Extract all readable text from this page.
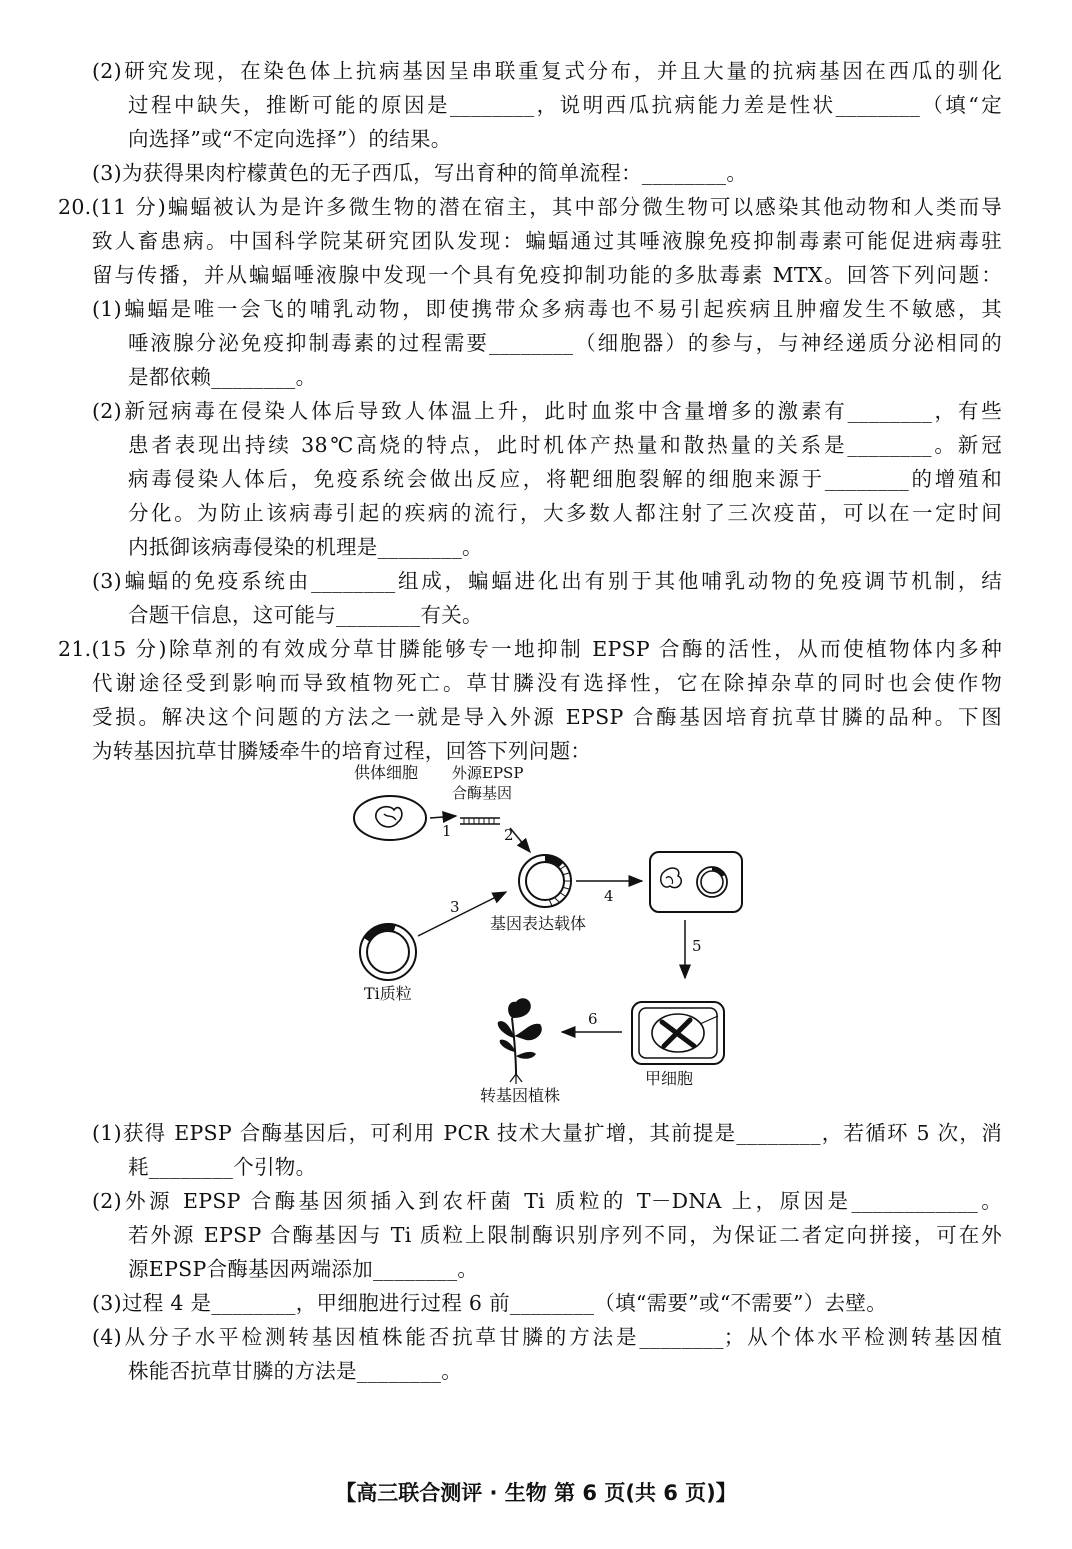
(2)研究发现，在染色体上抗病基因呈串联重复式分布，并且大量的抗病基因在西瓜的驯化
过程中缺失，推断可能的原因是________，说明西瓜抗病能力差是性状________（填“定
向选择”或“不定向选择”）的结果。
(3)为获得果肉柠檬黄色的无子西瓜，写出育种的简单流程：________。
20.(11 分)蝙蝠被认为是许多微生物的潜在宿主，其中部分微生物可以感染其他动物和人类而导
致人畜患病。中国科学院某研究团队发现：蝙蝠通过其唾液腺免疫抑制毒素可能促进病毒驻
留与传播，并从蝙蝠唾液腺中发现一个具有免疫抑制功能的多肽毒素 MTX。回答下列问题：
(1)蝙蝠是唯一会飞的哺乳动物，即使携带众多病毒也不易引起疾病且肿瘤发生不敏感，其
唾液腺分泌免疫抑制毒素的过程需要________（细胞器）的参与，与神经递质分泌相同的
是都依赖________。
(2)新冠病毒在侵染人体后导致人体温上升，此时血浆中含量增多的激素有________，有些
患者表现出持续 38℃高烧的特点，此时机体产热量和散热量的关系是________。新冠
病毒侵染人体后，免疫系统会做出反应，将靶细胞裂解的细胞来源于________的增殖和
分化。为防止该病毒引起的疾病的流行，大多数人都注射了三次疫苗，可以在一定时间
内抵御该病毒侵染的机理是________。
(3)蝙蝠的免疫系统由________组成，蝙蝠进化出有别于其他哺乳动物的免疫调节机制，结
合题干信息，这可能与________有关。
21.(15 分)除草剂的有效成分草甘膦能够专一地抑制 EPSP 合酶的活性，从而使植物体内多种
代谢途径受到影响而导致植物死亡。草甘膦没有选择性，它在除掉杂草的同时也会使作物
受损。解决这个问题的方法之一就是导入外源 EPSP 合酶基因培育抗草甘膦的品种。下图
为转基因抗草甘膦矮牵牛的培育过程，回答下列问题：
(1)获得 EPSP 合酶基因后，可利用 PCR 技术大量扩增，其前提是________，若循环 5 次，消
耗________个引物。
(2)外源 EPSP 合酶基因须插入到农杆菌 Ti 质粒的 T－DNA 上，原因是____________。
若外源 EPSP 合酶基因与 Ti 质粒上限制酶识别序列不同，为保证二者定向拼接，可在外
源EPSP合酶基因两端添加________。
(3)过程 4 是________，甲细胞进行过程 6 前________（填“需要”或“不需要”）去壁。
(4)从分子水平检测转基因植株能否抗草甘膦的方法是________；从个体水平检测转基因植
株能否抗草甘膦的方法是________。
供体细胞 外源EPSP
合酶基因
1	2
基因表达载体
4
5
Ti质粒
3
甲细胞
6
转基因植株
【高三联合测评 · 生物 第 6 页(共 6 页)】
